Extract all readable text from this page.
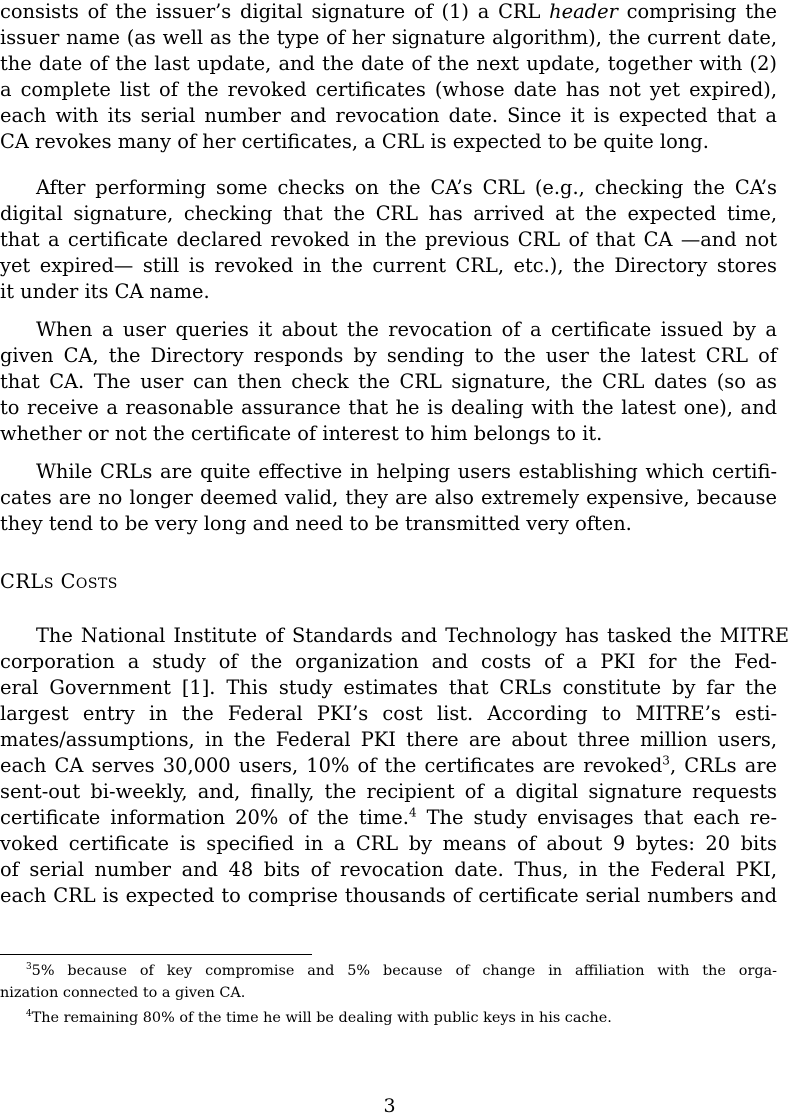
consists of the issuer’s digital signature of (1) a CRL header comprising the
issuer name (as well as the type of her signature algorithm), the current date,
the date of the last update, and the date of the next update, together with (2)
a complete list of the revoked certificates (whose date has not yet expired),
each with its serial number and revocation date. Since it is expected that a
CA revokes many of her certificates, a CRL is expected to be quite long.
After performing some checks on the CA’s CRL (e.g., checking the CA’s
digital signature, checking that the CRL has arrived at the expected time,
that a certificate declared revoked in the previous CRL of that CA —and not
yet expired— still is revoked in the current CRL, etc.), the Directory stores
it under its CA name.
When a user queries it about the revocation of a certificate issued by a
given CA, the Directory responds by sending to the user the latest CRL of
that CA. The user can then check the CRL signature, the CRL dates (so as
to receive a reasonable assurance that he is dealing with the latest one), and
whether or not the certificate of interest to him belongs to it.
While CRLs are quite effective in helping users establishing which certifi-
cates are no longer deemed valid, they are also extremely expensive, because
they tend to be very long and need to be transmitted very often.
CRLs Costs
The National Institute of Standards and Technology has tasked the MITRE
corporation a study of the organization and costs of a PKI for the Fed-
eral Government [1]. This study estimates that CRLs constitute by far the
largest entry in the Federal PKI’s cost list. According to MITRE’s esti-
mates/assumptions, in the Federal PKI there are about three million users,
each CA serves 30,000 users, 10% of the certificates are revoked$^3$, CRLs are
sent-out bi-weekly, and, finally, the recipient of a digital signature requests
certificate information 20% of the time.$^4$ The study envisages that each re-
voked certificate is specified in a CRL by means of about 9 bytes: 20 bits
of serial number and 48 bits of revocation date. Thus, in the Federal PKI,
each CRL is expected to comprise thousands of certificate serial numbers and
$^3$5% because of key compromise and 5% because of change in affiliation with the orga-
nization connected to a given CA.
$^4$The remaining 80% of the time he will be dealing with public keys in his cache.
3
